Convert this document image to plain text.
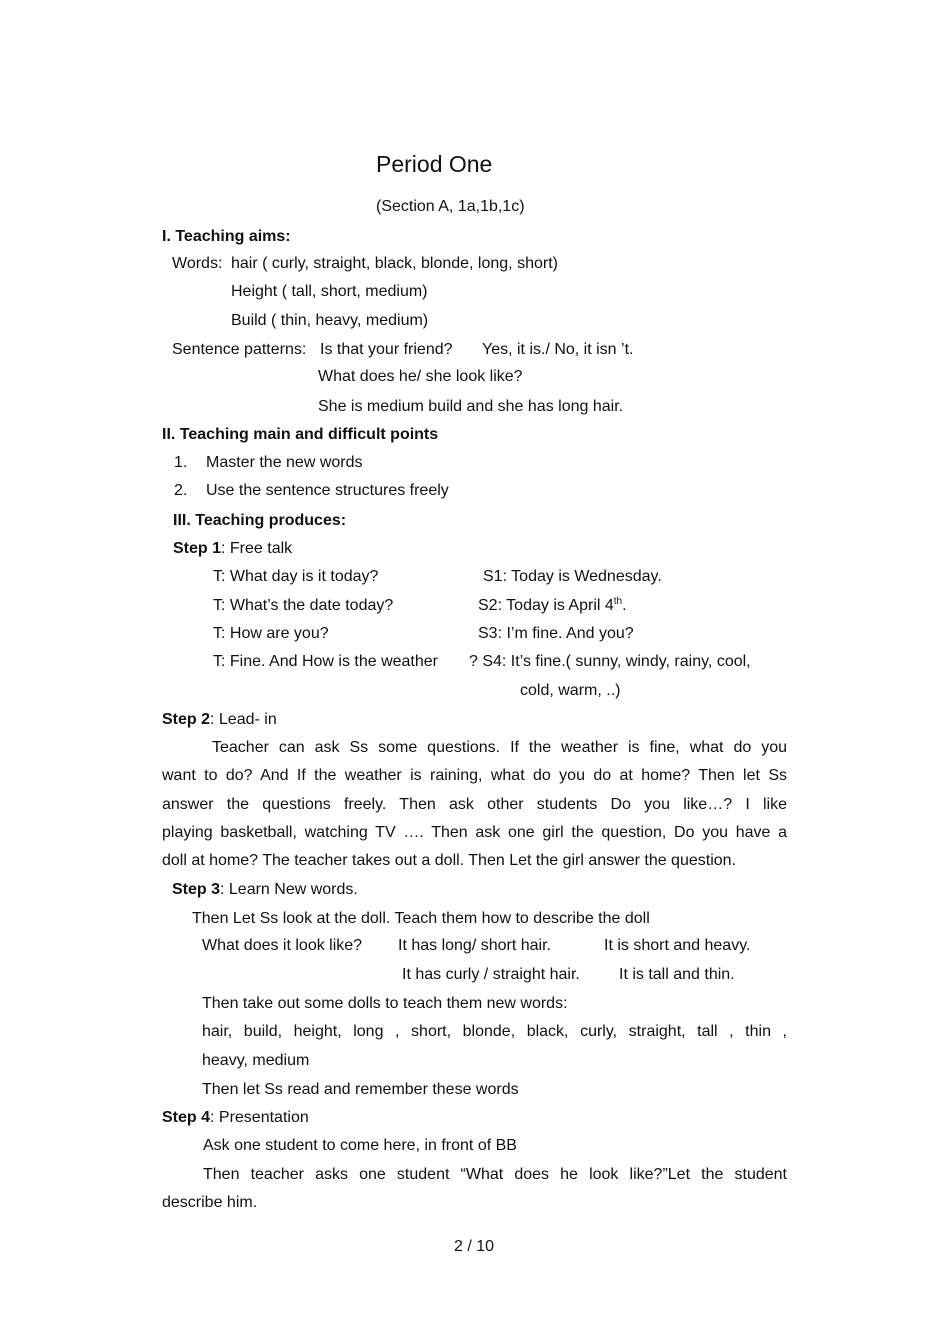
Period One
(Section A, 1a,1b,1c)
I. Teaching aims:
Words: hair ( curly, straight, black, blonde, long, short)
Height ( tall, short, medium)
Build ( thin, heavy, medium)
Sentence patterns: Is that your friend? Yes, it is./ No, it isn ’t.
What does he/ she look like?
She is medium build and she has long hair.
II. Teaching main and difficult points
1. Master the new words
2. Use the sentence structures freely
III. Teaching produces:
Step 1: Free talk
T: What day is it today?	S1: Today is Wednesday.
T: What’s the date today?	S2: Today is April 4th.
T: How are you?	S3: I’m fine. And you?
T: Fine. And How is the weather ? S4: It’s fine.( sunny, windy, rainy, cool,
cold, warm, ..)
Step 2: Lead- in
Teacher can ask Ss some questions. If the weather is fine, what do you
want to do? And If the weather is raining, what do you do at home? Then let Ss
answer the questions freely. Then ask other students Do you like…? I like
playing basketball, watching TV …. Then ask one girl the question, Do you have a
doll at home? The teacher takes out a doll. Then Let the girl answer the question.
Step 3: Learn New words.
Then Let Ss look at the doll. Teach them how to describe the doll
What does it look like? It has long/ short hair.	It is short and heavy.
It has curly / straight hair. It is tall and thin.
Then take out some dolls to teach them new words:
hair, build, height, long , short, blonde, black, curly, straight, tall , thin ,
heavy, medium
Then let Ss read and remember these words
Step 4: Presentation
Ask one student to come here, in front of BB
Then teacher asks one student “What does he look like?”Let the student
describe him.
2 / 10
